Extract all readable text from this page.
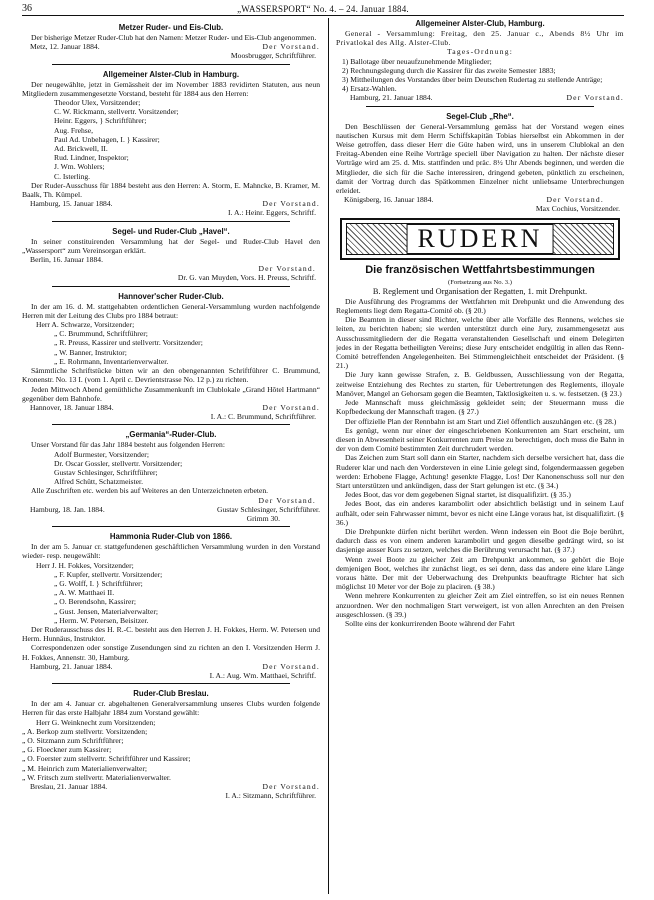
36	„WASSERSPORT“ No. 4. – 24. Januar 1884.
Metzer Ruder- und Eis-Club.

Der bisherige Metzer Ruder-Club hat den Namen: Metzer Ruder- und Eis-Club angenommen.

Metz, 12. Januar 1884.	Der Vorstand.
Moosbrugger, Schriftführer.
Allgemeiner Alster-Club in Hamburg.

Der neugewählte, jetzt in Gemässheit der im November 1883 revidirten Statuten, aus neun Mitgliedern zusammengesetzte Vorstand, besteht für 1884 aus den Herren:

Theodor Ulex, Vorsitzender;
C. W. Rickmann, stellvertr. Vorsitzender;
Heinr. Eggers, } Schriftführer;
Aug. Frehse,
Paul Ad. Unbehagen, I. } Kassirer;
Ad. Brickwell, II.
Rud. Lindner, Inspektor;
J. Wm. Wohlers;
C. Isterling.

Der Ruder-Ausschuss für 1884 besteht aus den Herren: A. Storm, E. Mahncke, B. Kramer, M. Baalk, Th. Kümpel.

Hamburg, 15. Januar 1884.	Der Vorstand.
I. A.: Heinr. Eggers, Schriftf.
Segel- und Ruder-Club „Havel“.

In seiner constituirenden Versammlung hat der Segel- und Ruder-Club Havel den „Wassersport“ zum Vereinsorgan erklärt.

Berlin, 16. Januar 1884.
Der Vorstand.
Dr. G. van Muyden, Vors. H. Preuss, Schriftf.
Hannover'scher Ruder-Club.

In der am 16. d. M. stattgehabten ordentlichen General-Versammlung wurden nachfolgende Herren mit der Leitung des Clubs pro 1884 betraut:

Herr A. Schwarze, Vorsitzender;
„ C. Brummund, Schriftführer;
„ R. Preuss, Kassirer und stellvertr. Vorsitzender;
„ W. Banner, Instruktor;
„ E. Rohrmann, Inventarienverwalter.

Sämmtliche Schriftstücke bitten wir an den obengenannten Schriftführer C. Brummund, Kronenstr. No. 13 I. (vom 1. April c. Devrientstrasse No. 12 p.) zu richten.

Jeden Mittwoch Abend gemüthliche Zusammenkunft im Clublokale „Grand Hôtel Hartmann“ gegenüber dem Bahnhofe.

Hannover, 18. Januar 1884.	Der Vorstand.
I. A.: C. Brummund, Schriftführer.
„Germania“-Ruder-Club.

Unser Vorstand für das Jahr 1884 besteht aus folgenden Herren:

Adolf Burmester, Vorsitzender;
Dr. Oscar Gossler, stellvertr. Vorsitzender;
Gustav Schlesinger, Schriftführer;
Alfred Schütt, Schatzmeister.

Alle Zuschriften etc. werden bis auf Weiteres an den Unterzeichneten erbeten.

Der Vorstand.
Hamburg, 18. Jan. 1884.	Gustav Schlesinger, Schriftführer.
Grimm 30.
Hammonia Ruder-Club von 1866.

In der am 5. Januar cr. stattgefundenen geschäftlichen Versammlung wurden in den Vorstand wieder- resp. neugewählt:

Herr J. H. Fokkes, Vorsitzender;
„ F. Kupfer, stellvertr. Vorsitzender;
„ G. Wolff, I. } Schriftführer;
„ A. W. Matthaei II.
„ O. Berendsohn, Kassirer;
„ Gust. Jensen, Materialverwalter;
„ Herm. W. Petersen, Beisitzer.

Der Ruderausschuss des H. R.-C. besteht aus den Herren J. H. Fokkes, Herm. W. Petersen und Herm. Hunnäus, Instruktor.

Correspondenzen oder sonstige Zusendungen sind zu richten an den I. Vorsitzenden Herrn J. H. Fokkes, Annenstr. 30, Hamburg.

Hamburg, 21. Januar 1884.	Der Vorstand.
I. A.: Aug. Wm. Matthaei, Schriftf.
Ruder-Club Breslau.

In der am 4. Januar cr. abgehaltenen Generalversammlung unseres Clubs wurden folgende Herren für das erste Halbjahr 1884 zum Vorstand gewählt:

Herr G. Weinknecht zum Vorsitzenden;
„ A. Berkop zum stellvertr. Vorsitzenden;
„ O. Sitzmann zum Schriftführer;
„ G. Floeckner zum Kassirer;
„ O. Foerster zum stellvertr. Schriftführer und Kassirer;
„ M. Heinrich zum Materialienverwalter;
„ W. Fritsch zum stellvertr. Materialienverwalter.
Breslau, 21. Januar 1884.	Der Vorstand.
I. A.: Sitzmann, Schriftführer.
Allgemeiner Alster-Club, Hamburg.

General - Versammlung: Freitag, den 25. Januar c., Abends 8½ Uhr im Privatlokal des Allg. Alster-Club.

Tages-Ordnung:
1) Ballotage über neuaufzunehmende Mitglieder;
2) Rechnungslegung durch die Kassirer für das zweite Semester 1883;
3) Mittheilungen des Vorstandes über beim Deutschen Rudertag zu stellende Anträge;
4) Ersatz-Wahlen.
Hamburg, 21. Januar 1884.	Der Vorstand.
Segel-Club „Rhe“.

Den Beschlüssen der General-Versammlung gemäss hat der Vorstand wegen eines nautischen Kursus mit dem Herrn Schiffskapitän Tobias hierselbst ein Abkommen in der Weise getroffen, dass dieser Herr die Güte haben wird, uns in unserem Clublokal an den Freitag-Abenden eine Reihe Vorträge speciell über Navigation zu halten. Der nächste dieser Vorträge wird am 25. d. Mts. stattfinden und präc. 8½ Uhr Abends beginnen, und werden die Mitglieder, die sich für die Sache interessiren, dringend gebeten, pünktlich zu erscheinen, damit der Vortrag durch das Spätkommen Einzelner nicht unliebsame Unterbrechungen erleidet.

Königsberg, 16. Januar 1884.	Der Vorstand.
Max Cochius, Vorsitzender.
RUDERN
Die französischen Wettfahrtsbestimmungen
(Fortsetzung aus No. 3.)
B. Reglement und Organisation der Regatten, 1. mit Drehpunkt.

Die Ausführung des Programms der Wettfahrten mit Drehpunkt und die Anwendung des Reglements liegt dem Regatta-Comité ob. (§ 20.)

Die Beamten in dieser sind Richter, welche über alle Vorfälle des Rennens, welches sie leiten, zu berichten haben; sie werden unterstützt durch eine Jury, zusammengesetzt aus Ausschussmitgliedern der die Regatta veranstaltenden Gesellschaft und einem Delegirten jedes in der Regatta betheiligten Vereins; diese Jury entscheidet endgültig in allen das Renn-Comité betreffenden Angelegenheiten. Bei Stimmengleichheit entscheidet der Präsident. (§ 21.)

Die Jury kann gewisse Strafen, z. B. Geldbussen, Ausschliessung von der Regatta, zeitweise Entziehung des Rechtes zu starten, für Uebertretungen des Reglements, illoyale Manöver, Mangel an Gehorsam gegen die Beamten, Taktlosigkeiten u. s. w. festsetzen. (§ 23.)

Jede Mannschaft muss gleichmässig gekleidet sein; der Steuermann muss die Kopfbedeckung der Mannschaft tragen. (§ 27.)

Der offizielle Plan der Rennbahn ist am Start und Ziel öffentlich auszuhängen etc. (§ 28.)

Es genügt, wenn nur einer der eingeschriebenen Konkurrenten am Start erscheint, um diesen in Abwesenheit seiner Konkurrenten zum Preise zu berechtigen, doch muss die Bahn in der von dem Comité bestimmten Zeit durchrudert werden.

Das Zeichen zum Start soll dann ein Starter, nachdem sich derselbe versichert hat, dass die Ruderer klar und nach den Vordersteven in eine Linie gelegt sind, folgendermaassen gegeben werden: Erhobene Flagge, Achtung! gesenkte Flagge, Los! Der Kanonenschuss soll nur den Start unterstützen und ankündigen, dass der Start gelungen ist etc. (§ 34.)

Jedes Boot, das vor dem gegebenen Signal startet, ist disqualifizirt. (§ 35.)

Jedes Boot, das ein anderes karambolirt oder absichtlich belästigt und in seinem Lauf aufhält, oder sein Fahrwasser nimmt, bevor es nicht eine Länge voraus hat, ist disqualifizirt. (§ 36.)

Die Drehpunkte dürfen nicht berührt werden. Wenn indessen ein Boot die Boje berührt, dadurch dass es von einem anderen karambolirt und gegen dieselbe gedrängt wird, so ist dasjenige ausser Kurs zu setzen, welches die Berührung verursacht hat. (§ 37.)

Wenn zwei Boote zu gleicher Zeit am Drehpunkt ankommen, so gehört die Boje demjenigen Boot, welches ihr zunächst liegt, es sei denn, dass das andere eine klare Länge voraus hätte. Der mit der Ueberwachung des Drehpunkts beauftragte Richter hat sich möglichst 10 Meter vor der Boje zu placiren. (§ 38.)

Wenn mehrere Konkurrenten zu gleicher Zeit am Ziel eintreffen, so ist ein neues Rennen anzuordnen. Wer den nochmaligen Start verweigert, ist von allen Anrechten an den Preisen ausgeschlossen. (§ 39.)

Sollte eins der konkurrirenden Boote während der Fahrt
